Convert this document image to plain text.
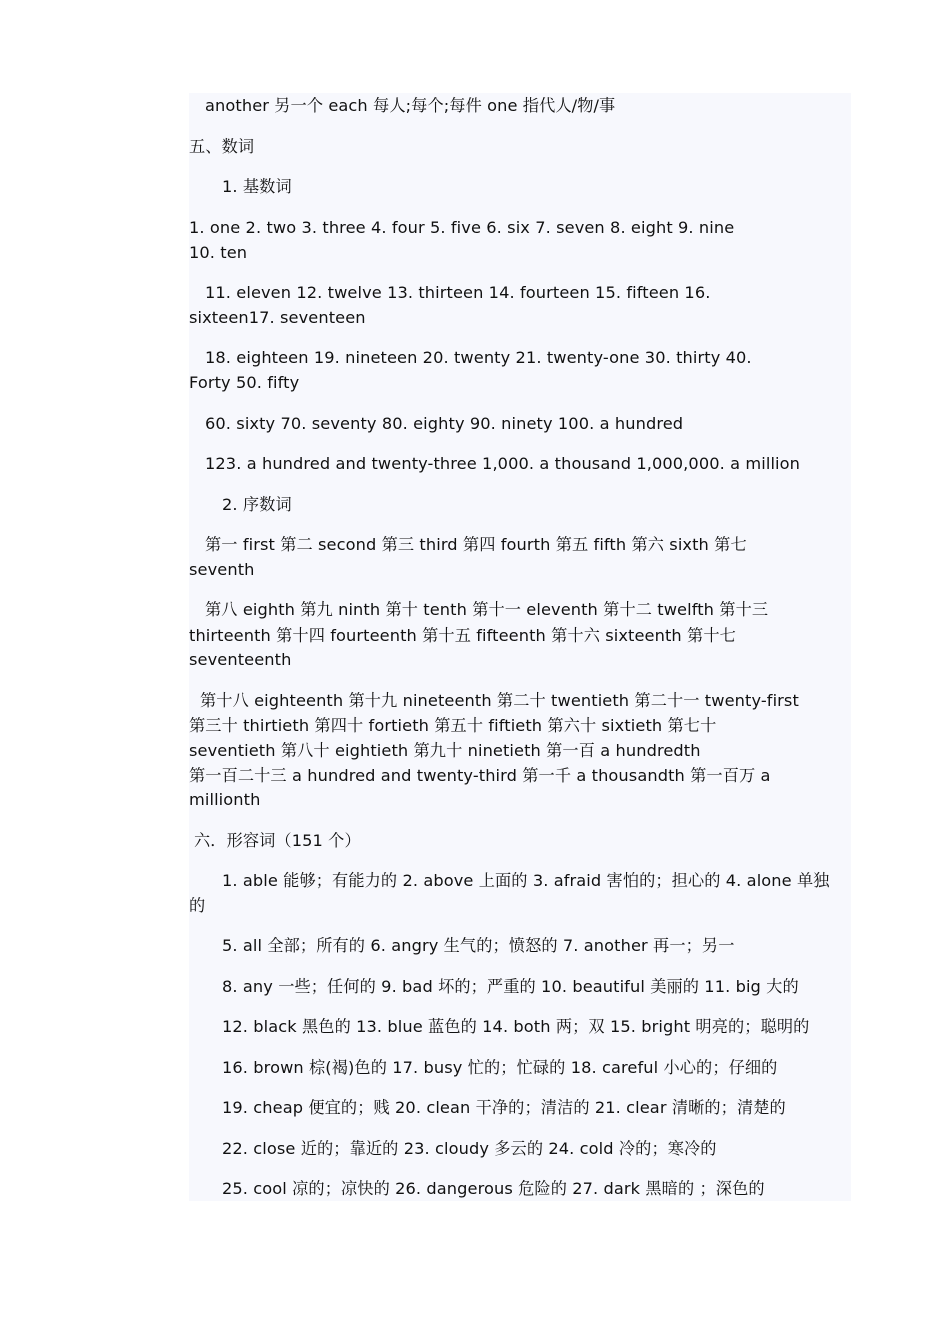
another 另一个 each 每人;每个;每件 one 指代人/物/事
五、数词
1. 基数词
1. one 2. two 3. three 4. four 5. five 6. six 7. seven 8. eight 9. nine
10. ten
11. eleven 12. twelve 13. thirteen 14. fourteen 15. fifteen 16.
sixteen17. seventeen
18. eighteen 19. nineteen 20. twenty 21. twenty-one 30. thirty 40.
Forty 50. fifty
60. sixty 70. seventy 80. eighty 90. ninety 100. a hundred
123. a hundred and twenty-three 1,000. a thousand 1,000,000. a million
2. 序数词
第一 first 第二 second 第三 third 第四 fourth 第五 fifth 第六 sixth 第七
seventh
第八 eighth 第九 ninth 第十 tenth 第十一 eleventh 第十二 twelfth 第十三
thirteenth 第十四 fourteenth 第十五 fifteenth 第十六 sixteenth 第十七
seventeenth
第十八 eighteenth 第十九 nineteenth 第二十 twentieth 第二十一 twenty-first
第三十 thirtieth 第四十 fortieth 第五十 fiftieth 第六十 sixtieth 第七十
seventieth 第八十 eightieth 第九十 ninetieth 第一百 a hundredth
第一百二十三 a hundred and twenty-third 第一千 a thousandth 第一百万 a
millionth
六．形容词（151 个）
1. able 能够；有能力的 2. above 上面的 3. afraid 害怕的；担心的 4. alone 单独
的
5. all 全部；所有的 6. angry 生气的；愤怒的 7. another 再一；另一
8. any 一些；任何的 9. bad 坏的；严重的 10. beautiful 美丽的 11. big 大的
12. black 黑色的 13. blue 蓝色的 14. both 两；双 15. bright 明亮的；聪明的
16. brown 棕(褐)色的 17. busy 忙的；忙碌的 18. careful 小心的；仔细的
19. cheap 便宜的；贱 20. clean 干净的；清洁的 21. clear 清晰的；清楚的
22. close 近的；靠近的 23. cloudy 多云的 24. cold 冷的；寒冷的
25. cool 凉的；凉快的 26. dangerous 危险的 27. dark 黑暗的 ；深色的
